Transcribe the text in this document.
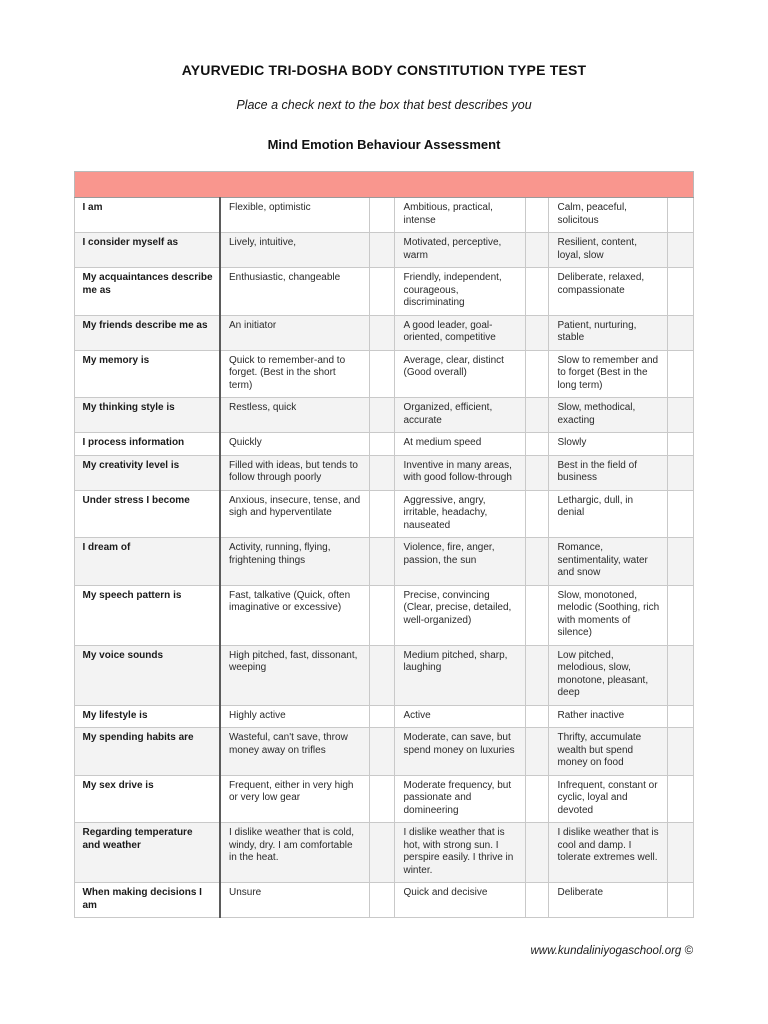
AYURVEDIC TRI-DOSHA BODY CONSTITUTION TYPE TEST

Place a check next to the box that best describes you

Mind Emotion Behaviour Assessment

I am	Flexible, optimistic		Ambitious, practical, intense		Calm, peaceful, solicitous	
I consider myself as	Lively, intuitive,		Motivated, perceptive, warm		Resilient, content, loyal, slow	
My acquaintances describe me as	Enthusiastic, changeable		Friendly, independent, courageous, discriminating		Deliberate, relaxed, compassionate	
My friends describe me as	An initiator		A good leader, goal-oriented, competitive		Patient, nurturing, stable	
My memory is	Quick to remember-and to forget. (Best in the short term)		Average, clear, distinct (Good overall)		Slow to remember and to forget (Best in the long term)	
My thinking style is	Restless, quick		Organized, efficient, accurate		Slow, methodical, exacting	
I process information	Quickly		At medium speed		Slowly	
My creativity level is	Filled with ideas, but tends to follow through poorly		Inventive in many areas, with good follow-through		Best in the field of business	
Under stress I become	Anxious, insecure, tense, and sigh and hyperventilate		Aggressive, angry, irritable, headachy, nauseated		Lethargic, dull, in denial	
I dream of	Activity, running, flying, frightening things		Violence, fire, anger, passion, the sun		Romance, sentimentality, water and snow	
My speech pattern is	Fast, talkative (Quick, often imaginative or excessive)		Precise, convincing (Clear, precise, detailed, well-organized)		Slow, monotoned, melodic (Soothing, rich with moments of silence)	
My voice sounds	High pitched, fast, dissonant, weeping		Medium pitched, sharp, laughing		Low pitched, melodious, slow, monotone, pleasant, deep	
My lifestyle is	Highly active		Active		Rather inactive	
My spending habits are	Wasteful, can't save, throw money away on trifles		Moderate, can save, but spend money on luxuries		Thrifty, accumulate wealth but spend money on food	
My sex drive is	Frequent, either in very high or very low gear		Moderate frequency, but passionate and domineering		Infrequent, constant or cyclic, loyal and devoted	
Regarding temperature and weather	I dislike weather that is cold, windy, dry. I am comfortable in the heat.		I dislike weather that is hot, with strong sun. I perspire easily. I thrive in winter.		I dislike weather that is cool and damp. I tolerate extremes well.	
When making decisions I am	Unsure		Quick and decisive		Deliberate	

www.kundaliniyogaschool.org ©
